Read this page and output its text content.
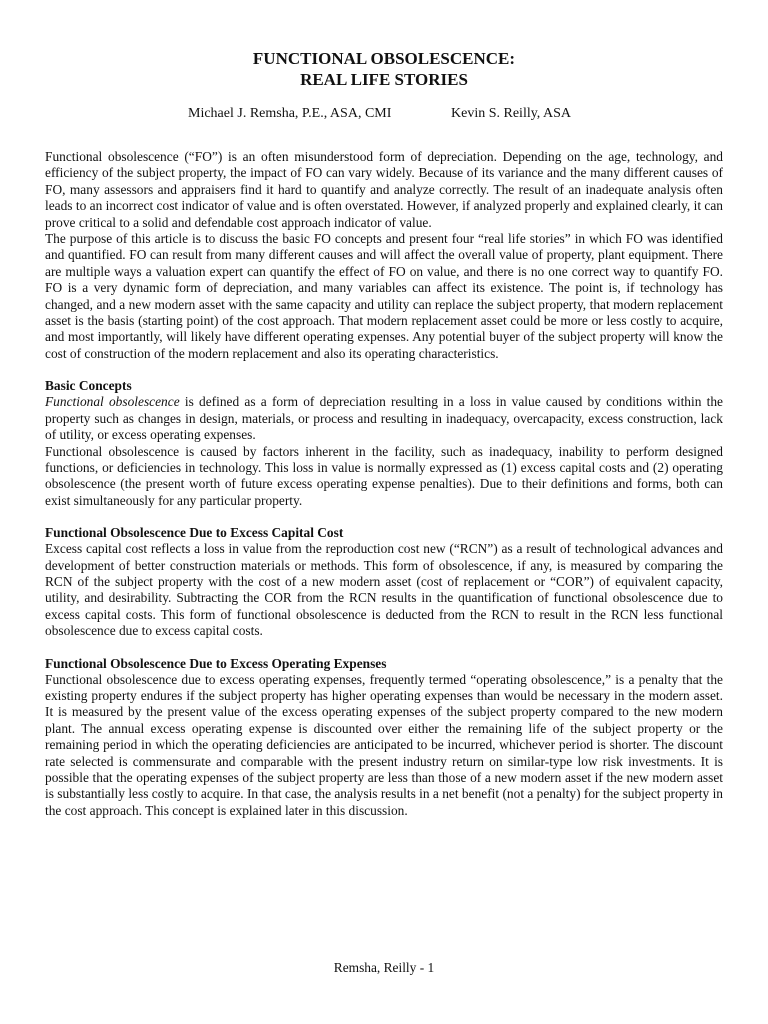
FUNCTIONAL OBSOLESCENCE:
REAL LIFE STORIES
Michael J. Remsha, P.E., ASA, CMI	Kevin S. Reilly, ASA

Functional obsolescence (“FO”) is an often misunderstood form of depreciation. Depending on the age, technology, and efficiency of the subject property, the impact of FO can vary widely. Because of its variance and the many different causes of FO, many assessors and appraisers find it hard to quantify and analyze correctly. The result of an inadequate analysis often leads to an incorrect cost indicator of value and is often overstated. However, if analyzed properly and explained clearly, it can prove critical to a solid and defendable cost approach indicator of value.

The purpose of this article is to discuss the basic FO concepts and present four “real life stories” in which FO was identified and quantified. FO can result from many different causes and will affect the overall value of property, plant equipment. There are multiple ways a valuation expert can quantify the effect of FO on value, and there is no one correct way to quantify FO. FO is a very dynamic form of depreciation, and many variables can affect its existence. The point is, if technology has changed, and a new modern asset with the same capacity and utility can replace the subject property, that modern replacement asset is the basis (starting point) of the cost approach. That modern replacement asset could be more or less costly to acquire, and most importantly, will likely have different operating expenses. Any potential buyer of the subject property will know the cost of construction of the modern replacement and also its operating characteristics.

Basic Concepts

Functional obsolescence is defined as a form of depreciation resulting in a loss in value caused by conditions within the property such as changes in design, materials, or process and resulting in inadequacy, overcapacity, excess construction, lack of utility, or excess operating expenses.

Functional obsolescence is caused by factors inherent in the facility, such as inadequacy, inability to perform designed functions, or deficiencies in technology. This loss in value is normally expressed as (1) excess capital costs and (2) operating obsolescence (the present worth of future excess operating expense penalties). Due to their definitions and forms, both can exist simultaneously for any particular property.

Functional Obsolescence Due to Excess Capital Cost

Excess capital cost reflects a loss in value from the reproduction cost new (“RCN”) as a result of technological advances and development of better construction materials or methods. This form of obsolescence, if any, is measured by comparing the RCN of the subject property with the cost of a new modern asset (cost of replacement or “COR”) of equivalent capacity, utility, and desirability. Subtracting the COR from the RCN results in the quantification of functional obsolescence due to excess capital costs. This form of functional obsolescence is deducted from the RCN to result in the RCN less functional obsolescence due to excess capital costs.

Functional Obsolescence Due to Excess Operating Expenses

Functional obsolescence due to excess operating expenses, frequently termed “operating obsolescence,” is a penalty that the existing property endures if the subject property has higher operating expenses than would be necessary in the modern asset. It is measured by the present value of the excess operating expenses of the subject property compared to the new modern plant. The annual excess operating expense is discounted over either the remaining life of the subject property or the remaining period in which the operating deficiencies are anticipated to be incurred, whichever period is shorter. The discount rate selected is commensurate and comparable with the present industry return on similar-type low risk investments. It is possible that the operating expenses of the subject property are less than those of a new modern asset if the new modern asset is substantially less costly to acquire. In that case, the analysis results in a net benefit (not a penalty) for the subject property in the cost approach. This concept is explained later in this discussion.

Remsha, Reilly - 1
